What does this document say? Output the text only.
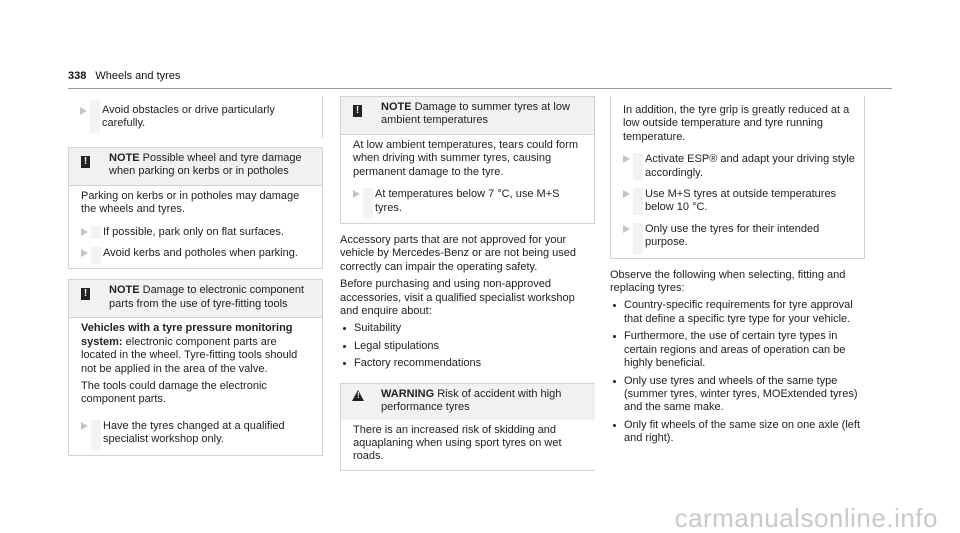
338 Wheels and tyres
Avoid obstacles or drive particularly carefully.
! NOTE Possible wheel and tyre damage when parking on kerbs or in potholes
Parking on kerbs or in potholes may damage the wheels and tyres.
If possible, park only on flat surfaces.
Avoid kerbs and potholes when parking.
! NOTE Damage to electronic component parts from the use of tyre-fitting tools

Vehicles with a tyre pressure monitoring system: electronic component parts are located in the wheel. Tyre-fitting tools should not be applied in the area of the valve.

The tools could damage the electronic component parts.

Have the tyres changed at a qualified specialist workshop only.
! NOTE Damage to summer tyres at low ambient temperatures
At low ambient temperatures, tears could form when driving with summer tyres, causing permanent damage to the tyre.
At temperatures below 7 °C, use M+S tyres.

Accessory parts that are not approved for your vehicle by Mercedes-Benz or are not being used correctly can impair the operating safety.

Before purchasing and using non-approved accessories, visit a qualified specialist workshop and enquire about:

Suitability
Legal stipulations
Factory recommendations
! WARNING Risk of accident with high performance tyres
There is an increased risk of skidding and aquaplaning when using sport tyres on wet roads.
In addition, the tyre grip is greatly reduced at a low outside temperature and tyre running temperature.
Activate ESP® and adapt your driving style accordingly.
Use M+S tyres at outside temperatures below 10 °C.
Only use the tyres for their intended purpose.

Observe the following when selecting, fitting and replacing tyres:

Country-specific requirements for tyre approval that define a specific tyre type for your vehicle.
Furthermore, the use of certain tyre types in certain regions and areas of operation can be highly beneficial.
Only use tyres and wheels of the same type (summer tyres, winter tyres, MOExtended tyres) and the same make.
Only fit wheels of the same size on one axle (left and right).
carmanualsonline.info
